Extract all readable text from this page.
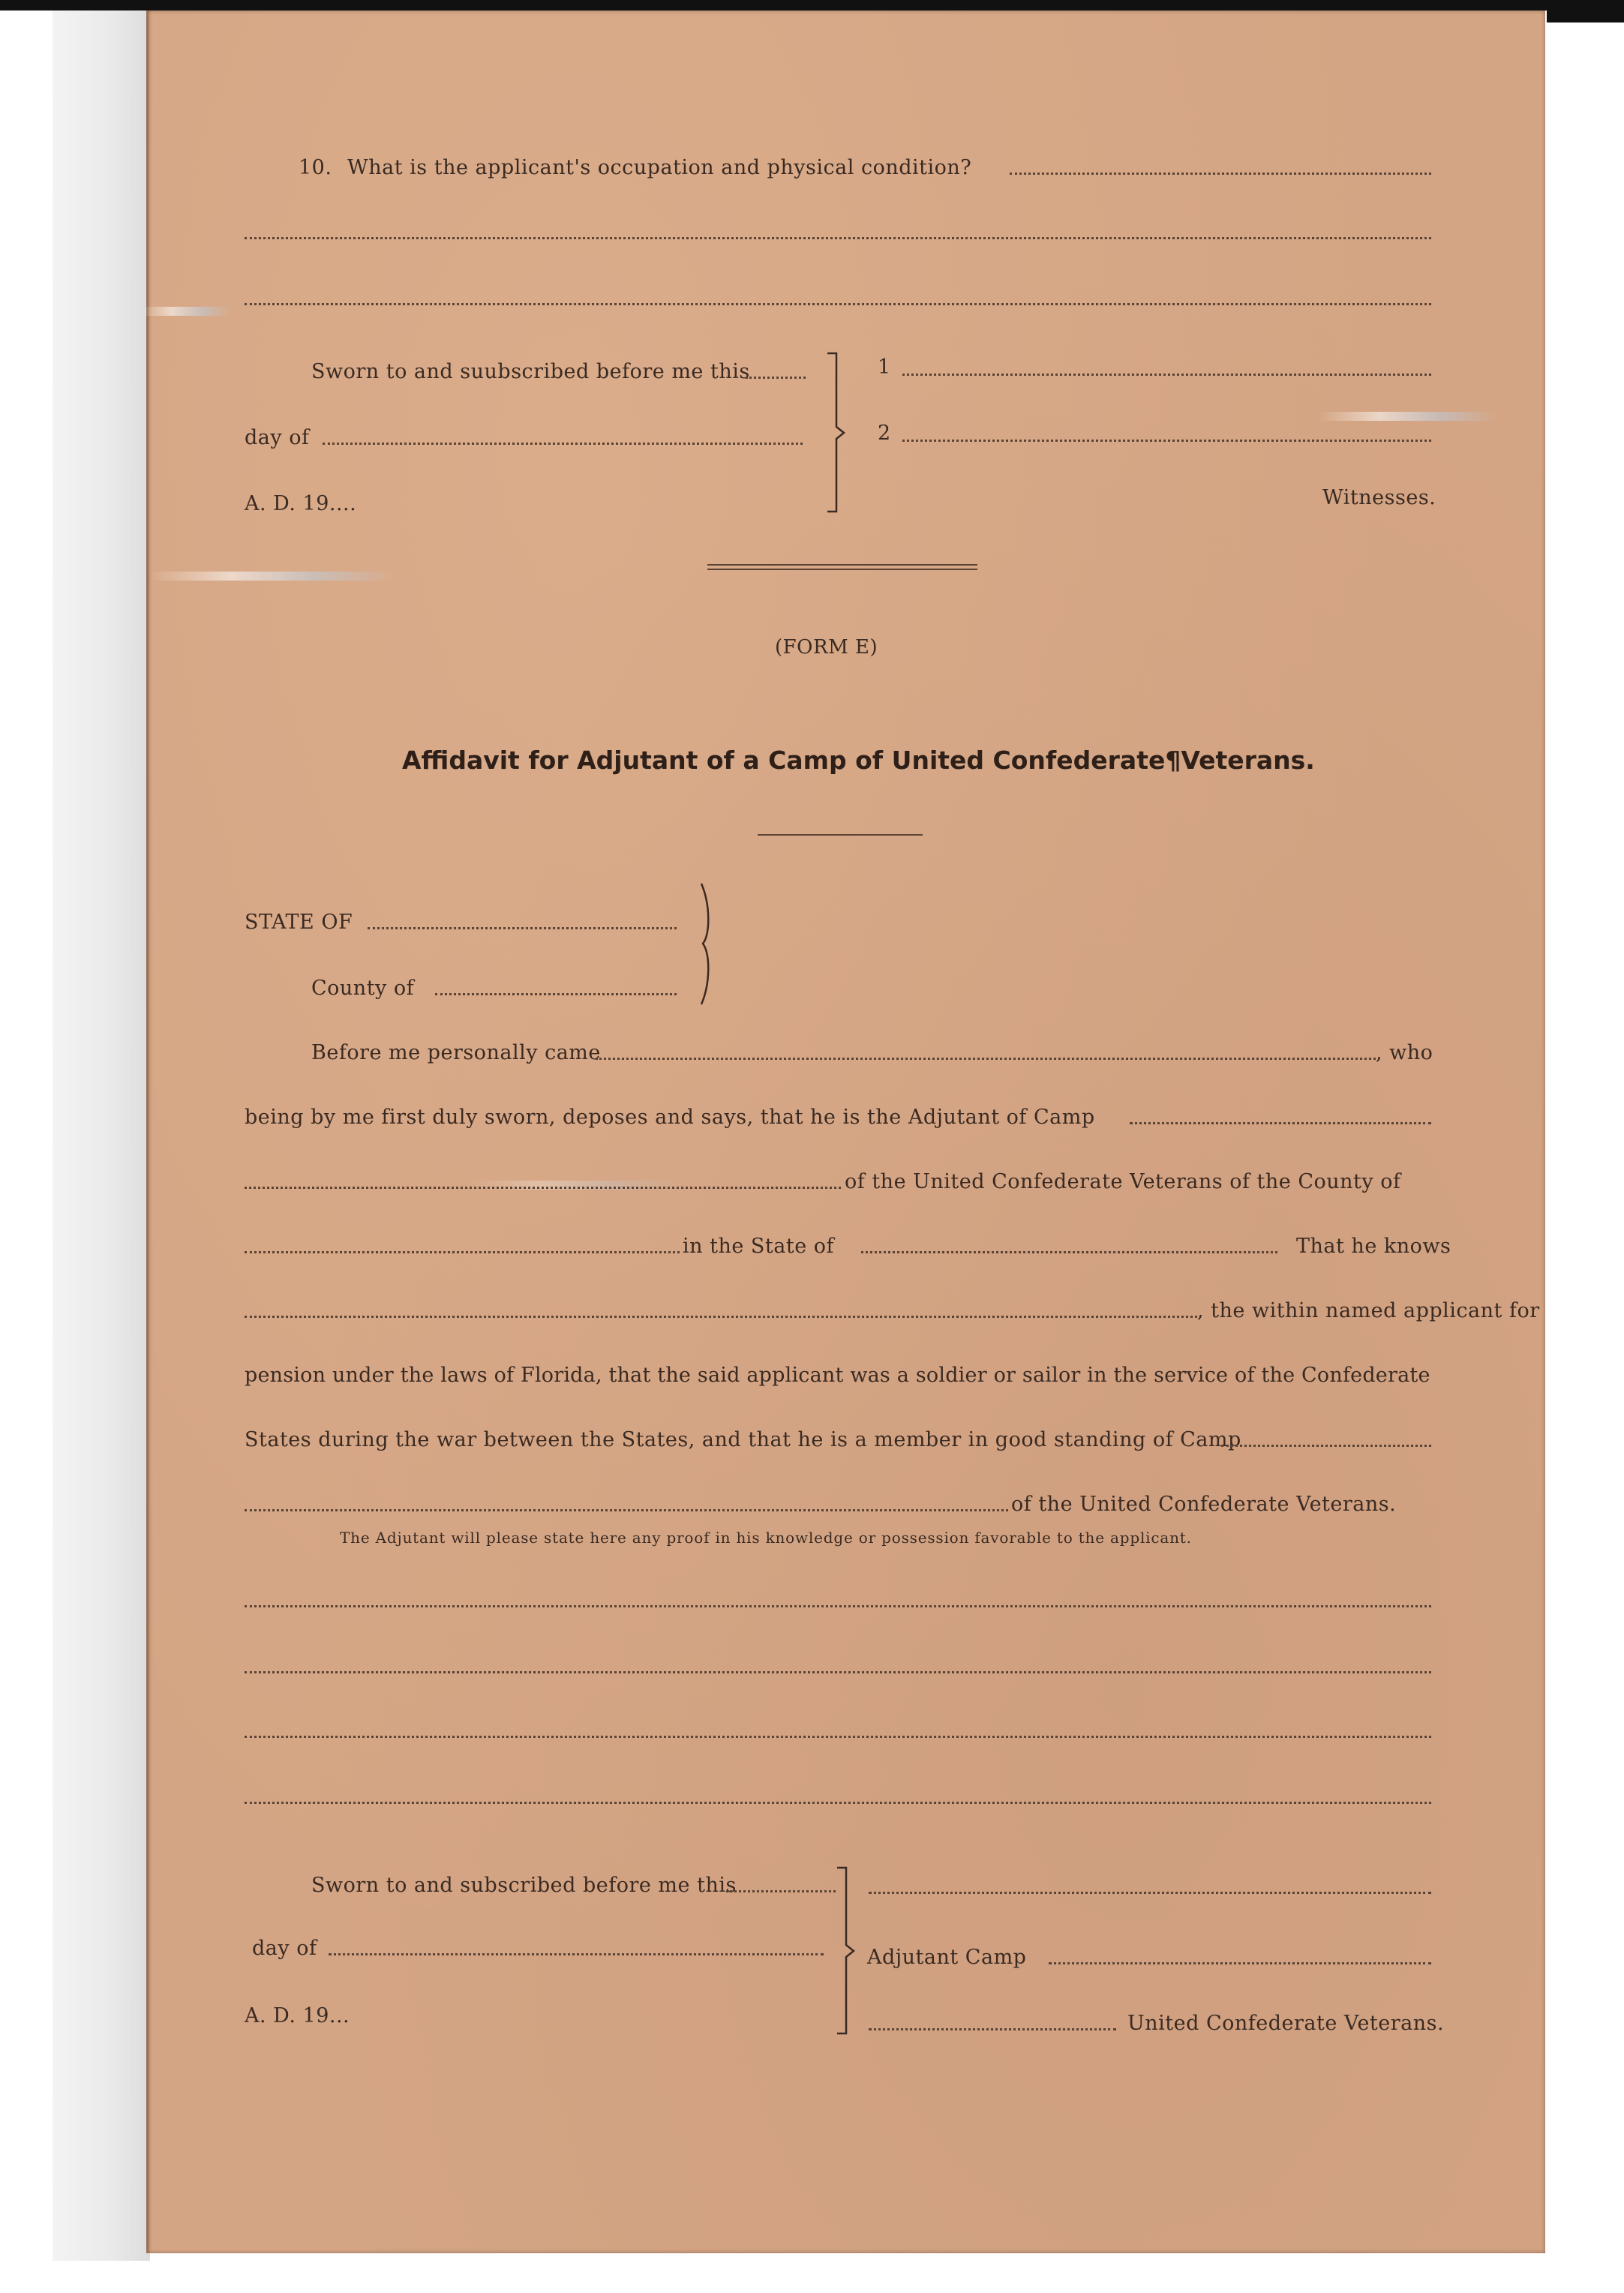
10. What is the applicant's occupation and physical condition?
Sworn to and suubscribed before me this
day of
A. D. 19....
1
2
Witnesses.
(FORM E)
Affidavit for Adjutant of a Camp of United Confederate¶Veterans.
STATE OF
County of
Before me personally came	, who
being by me first duly sworn, deposes and says, that he is the Adjutant of Camp
of the United Confederate Veterans of the County of
in the State of	That he knows
, the within named applicant for
pension under the laws of Florida, that the said applicant was a soldier or sailor in the service of the Confederate
States during the war between the States, and that he is a member in good standing of Camp
of the United Confederate Veterans.
The Adjutant will please state here any proof in his knowledge or possession favorable to the applicant.
Sworn to and subscribed before me this
day of
A. D. 19...
Adjutant Camp
United Confederate Veterans.
